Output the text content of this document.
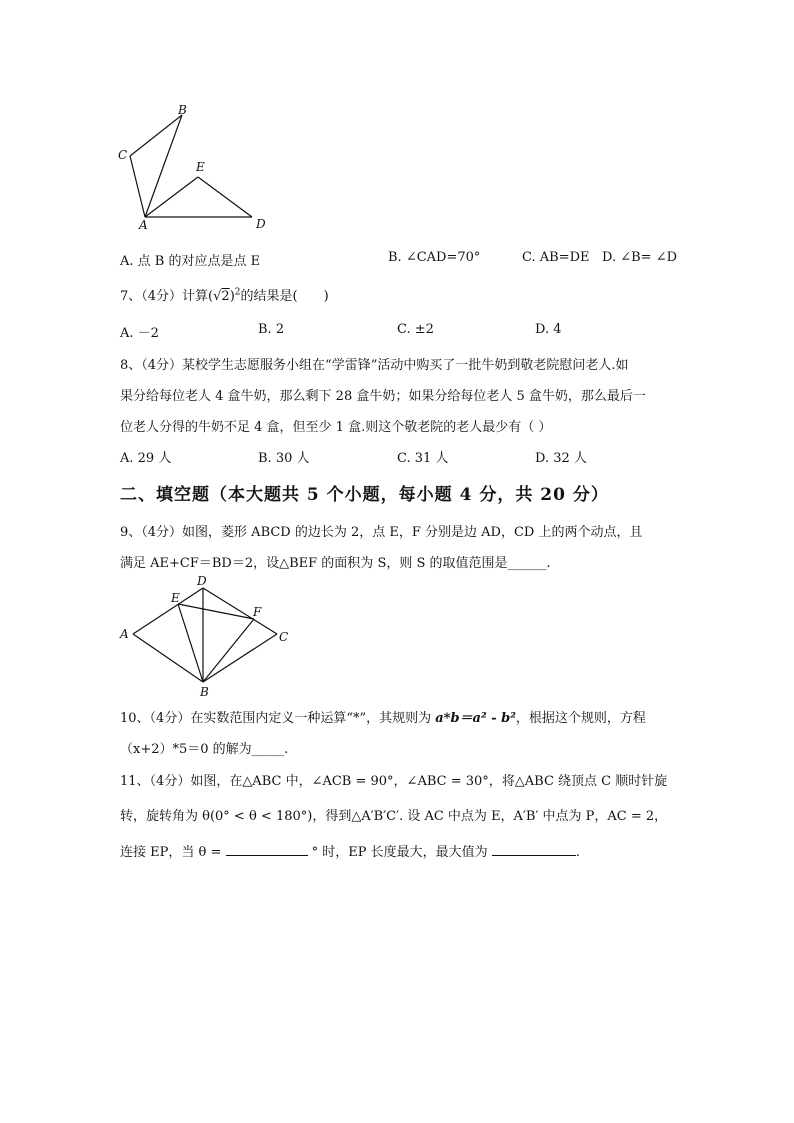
B
C
E
A	D
A. 点 B 的对应点是点 E	B. ∠CAD=70°	C. AB=DE D. ∠B= ∠D
7、（4分）计算$(√2)^2$的结果是(　　)
A. －2	B. 2	C. ±2	D. 4
8、（4分）某校学生志愿服务小组在“学雷锋”活动中购买了一批牛奶到敬老院慰问老人.如
果分给每位老人 4 盒牛奶，那么剩下 28 盒牛奶；如果分给每位老人 5 盒牛奶，那么最后一
位老人分得的牛奶不足 4 盒，但至少 1 盒.则这个敬老院的老人最少有（ ）
A. 29 人	B. 30 人	C. 31 人	D. 32 人
二、填空题（本大题共 5 个小题，每小题 4 分，共 20 分）
9、（4分）如图，菱形 ABCD 的边长为 2，点 E，F 分别是边 AD，CD 上的两个动点，且
满足 AE+CF＝BD＝2，设△BEF 的面积为 S，则 S 的取值范围是______.
D
E
F
A	C
B
10、（4分）在实数范围内定义一种运算“*”，其规则为 a*b＝a² - b²，根据这个规则，方程
（x+2）*5＝0 的解为_____.
11、（4分）如图，在△ABC 中，∠ACB = 90°，∠ABC = 30°，将△ABC 绕顶点 C 顺时针旋
转，旋转角为 θ(0° < θ < 180°)，得到△A′B′C′. 设 AC 中点为 E，A′B′ 中点为 P，AC = 2，
连接 EP，当 θ =	° 时，EP 长度最大，最大值为	.
